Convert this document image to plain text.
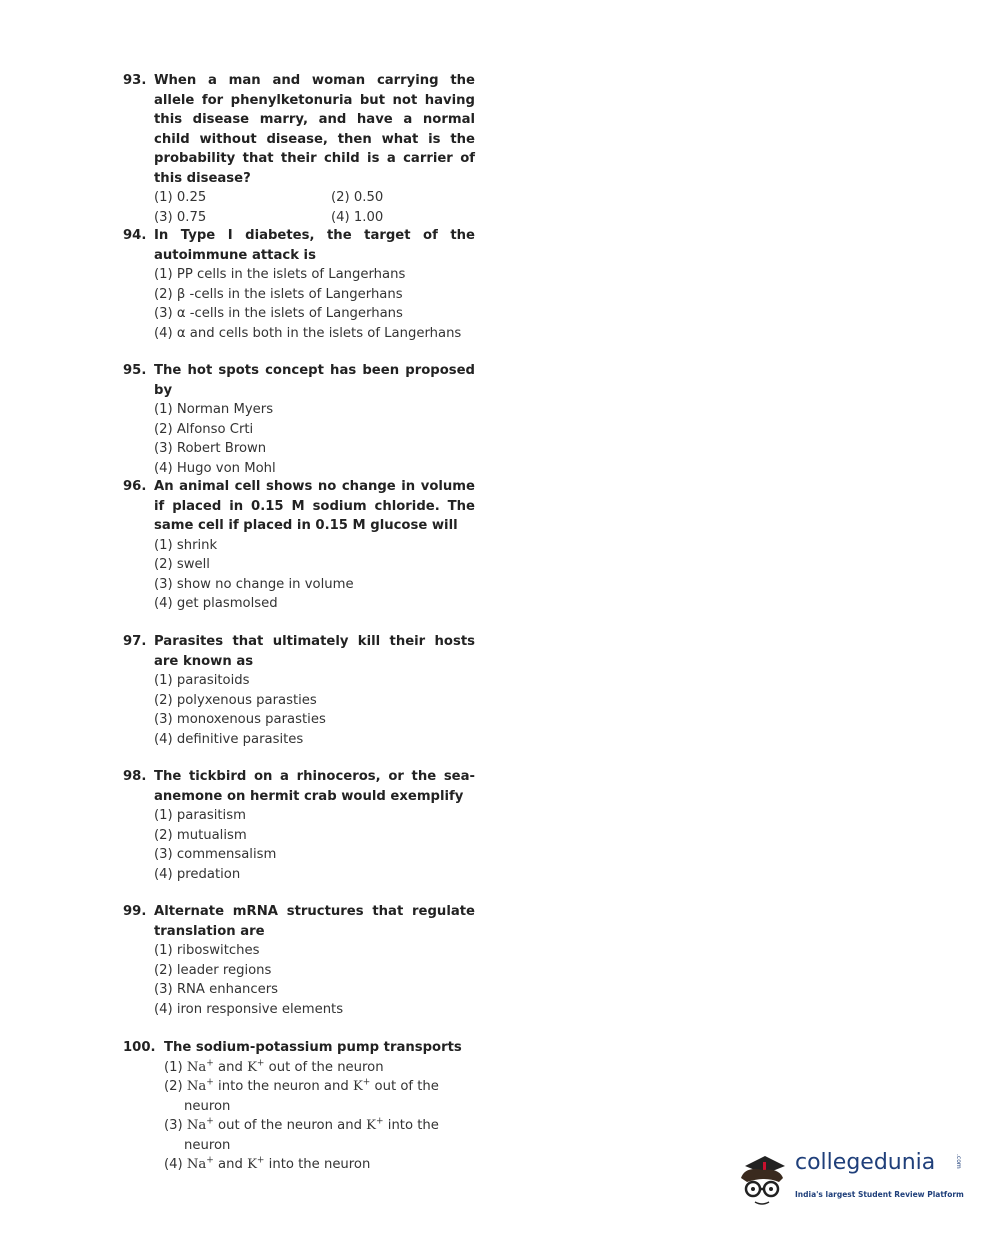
93. When a man and woman carrying the allele for phenylketonuria but not having this disease marry, and have a normal child without disease, then what is the probability that their child is a carrier of this disease?
(1) 0.25	(2) 0.50
(3) 0.75	(4) 1.00
94. In Type I diabetes, the target of the autoimmune attack is
(1) PP cells in the islets of Langerhans
(2) β -cells in the islets of Langerhans
(3) α -cells in the islets of Langerhans
(4) α and cells both in the islets of Langerhans
95. The hot spots concept has been proposed by
(1) Norman Myers
(2) Alfonso Crti
(3) Robert Brown
(4) Hugo von Mohl
96. An animal cell shows no change in volume if placed in 0.15 M sodium chloride. The same cell if placed in 0.15 M glucose will
(1) shrink
(2) swell
(3) show no change in volume
(4) get plasmolsed
97. Parasites that ultimately kill their hosts are known as
(1) parasitoids
(2) polyxenous parasties
(3) monoxenous parasties
(4) definitive parasites
98. The tickbird on a rhinoceros, or the sea-anemone on hermit crab would exemplify
(1) parasitism
(2) mutualism
(3) commensalism
(4) predation
99. Alternate mRNA structures that regulate translation are
(1) riboswitches
(2) leader regions
(3) RNA enhancers
(4) iron responsive elements
100. The sodium-potassium pump transports
(1) Na+ and K+ out of the neuron
(2) Na+ into the neuron and K+ out of the
neuron
(3) Na+ out of the neuron and K+ into the
neuron
(4) Na+ and K+ into the neuron	collegedunia	.com
India's largest Student Review Platform
